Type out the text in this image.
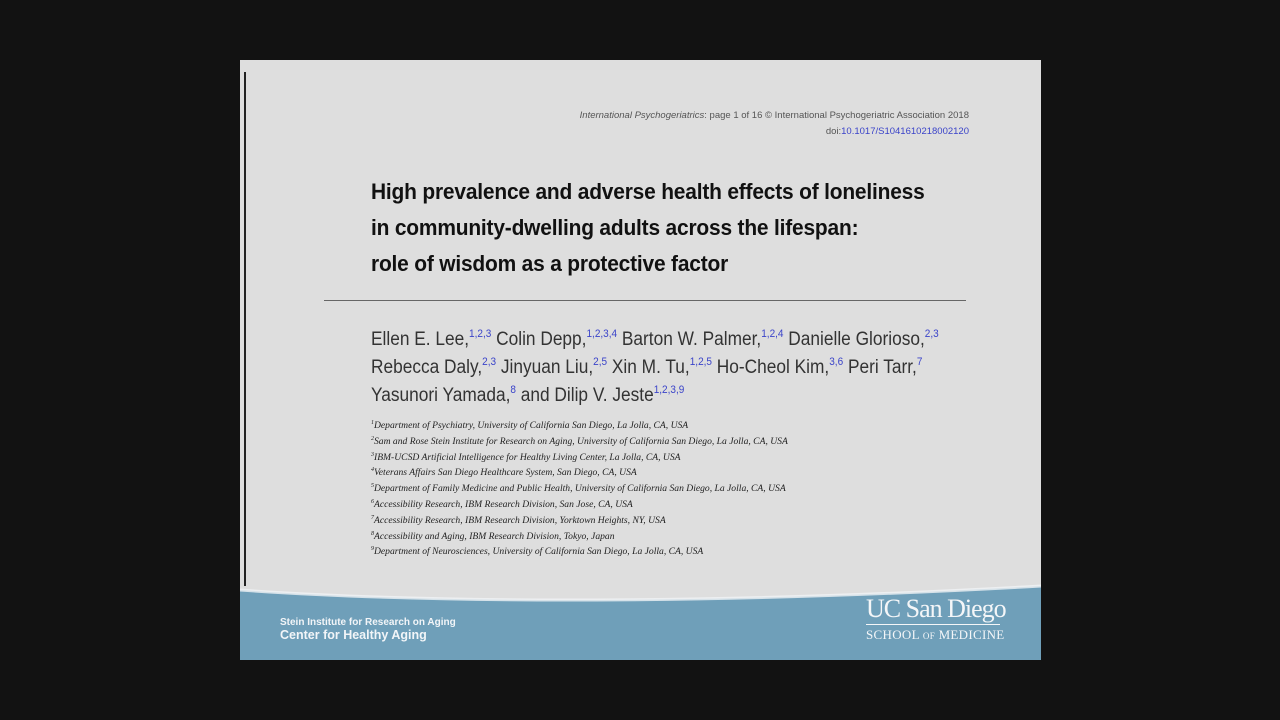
International Psychogeriatrics: page 1 of 16 © International Psychogeriatric Association 2018
doi:10.1017/S1041610218002120
High prevalence and adverse health effects of loneliness
in community-dwelling adults across the lifespan:
role of wisdom as a protective factor
Ellen E. Lee,$^{1,2,3}$ Colin Depp,$^{1,2,3,4}$ Barton W. Palmer,$^{1,2,4}$ Danielle Glorioso,$^{2,3}$
Rebecca Daly,$^{2,3}$ Jinyuan Liu,$^{2,5}$ Xin M. Tu,$^{1,2,5}$ Ho-Cheol Kim,$^{3,6}$ Peri Tarr,$^7$
Yasunori Yamada,$^8$ and Dilip V. Jeste$^{1,2,3,9}$
$^1$Department of Psychiatry, University of California San Diego, La Jolla, CA, USA
$^2$Sam and Rose Stein Institute for Research on Aging, University of California San Diego, La Jolla, CA, USA
$^3$IBM-UCSD Artificial Intelligence for Healthy Living Center, La Jolla, CA, USA
$^4$Veterans Affairs San Diego Healthcare System, San Diego, CA, USA
$^5$Department of Family Medicine and Public Health, University of California San Diego, La Jolla, CA, USA
$^6$Accessibility Research, IBM Research Division, San Jose, CA, USA
$^7$Accessibility Research, IBM Research Division, Yorktown Heights, NY, USA
$^8$Accessibility and Aging, IBM Research Division, Tokyo, Japan
$^9$Department of Neurosciences, University of California San Diego, La Jolla, CA, USA
Stein Institute for Research on Aging
Center for Healthy Aging
UC San Diego
SCHOOL OF MEDICINE
